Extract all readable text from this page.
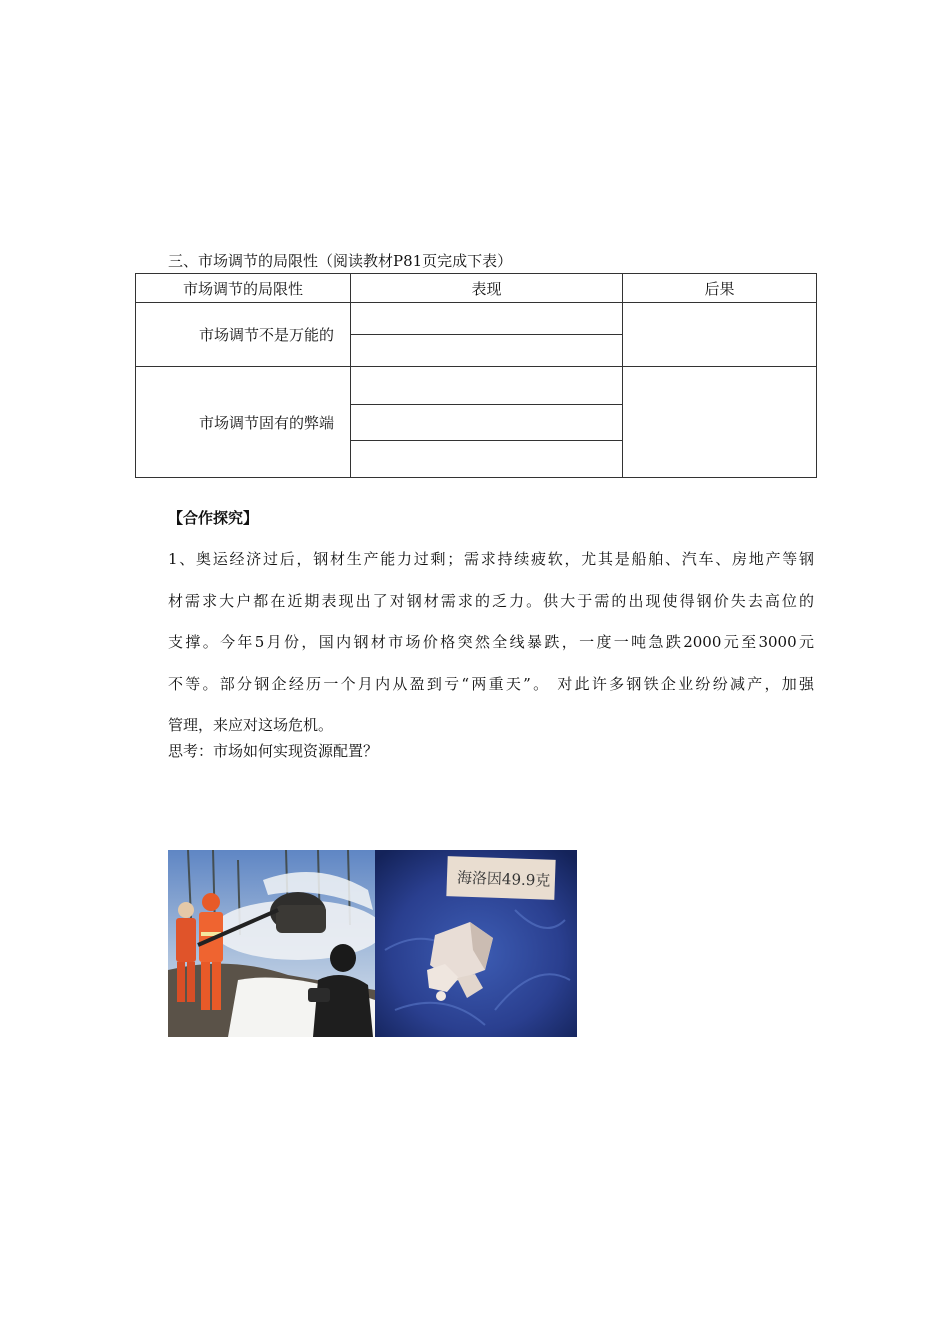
三、市场调节的局限性（阅读教材P81页完成下表）
市场调节的局限性	表现	后果
市场调节不是万能的		

市场调节固有的弊端		

【合作探究】
1、奥运经济过后，钢材生产能力过剩；需求持续疲软，尤其是船舶、汽车、房地产等钢
材需求大户都在近期表现出了对钢材需求的乏力。供大于需的出现使得钢价失去高位的
支撑。今年5月份，国内钢材市场价格突然全线暴跌，一度一吨急跌2000元至3000元
不等。部分钢企经历一个月内从盈到亏“两重天”。 对此许多钢铁企业纷纷减产，加强
管理，来应对这场危机。
思考：市场如何实现资源配置？
海洛因49.9克
